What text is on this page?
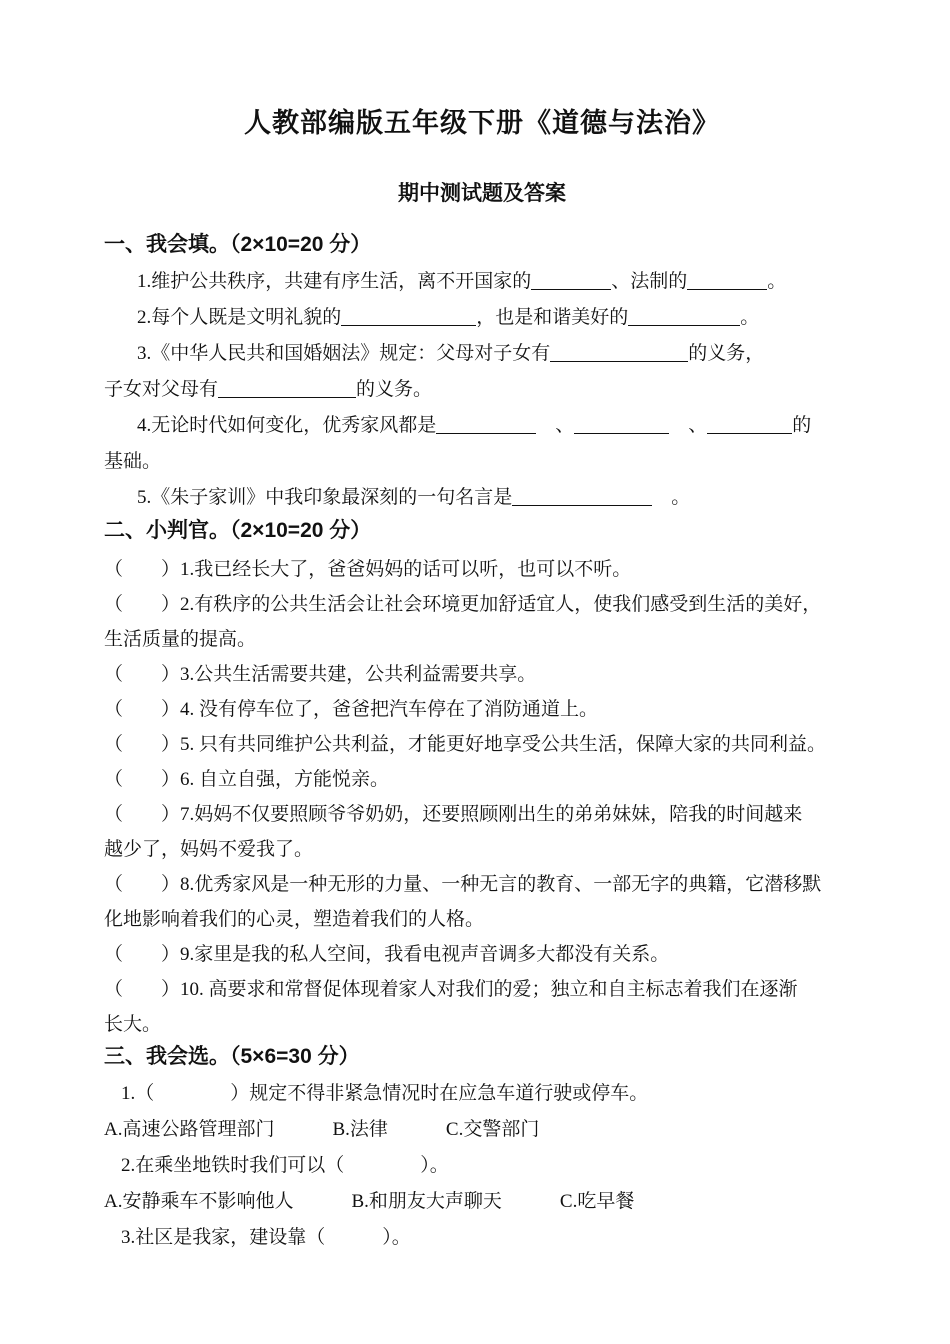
人教部编版五年级下册《道德与法治》
期中测试题及答案
一、我会填。（2×10=20 分）

1.维护公共秩序，共建有序生活，离不开国家的	、法制的	。

2.每个人既是文明礼貌的	，也是和谐美好的	。

3.《中华人民共和国婚姻法》规定：父母对子女有	的义务，

子女对父母有	的义务。

4.无论时代如何变化，优秀家风都是	　、	　、	的

基础。

5.《朱子家训》中我印象最深刻的一句名言是	　。

二、小判官。（2×10=20 分）
（　　）1.我已经长大了，爸爸妈妈的话可以听，也可以不听。
（　　）2.有秩序的公共生活会让社会环境更加舒适宜人，使我们感受到生活的美好，
生活质量的提高。
（　　）3.公共生活需要共建，公共利益需要共享。
（　　）4. 没有停车位了，爸爸把汽车停在了消防通道上。
（　　）5. 只有共同维护公共利益，才能更好地享受公共生活，保障大家的共同利益。
（　　）6. 自立自强，方能悦亲。
（　　）7.妈妈不仅要照顾爷爷奶奶，还要照顾刚出生的弟弟妹妹，陪我的时间越来
越少了，妈妈不爱我了。
（　　）8.优秀家风是一种无形的力量、一种无言的教育、一部无字的典籍，它潜移默
化地影响着我们的心灵，塑造着我们的人格。
（　　）9.家里是我的私人空间，我看电视声音调多大都没有关系。
（　　）10. 高要求和常督促体现着家人对我们的爱；独立和自主标志着我们在逐渐
长大。
三、我会选。（5×6=30 分）

1.（　　　　）规定不得非紧急情况时在应急车道行驶或停车。

A.高速公路管理部门	B.法律	C.交警部门

2.在乘坐地铁时我们可以（　　　　）。

A.安静乘车不影响他人	B.和朋友大声聊天	C.吃早餐

3.社区是我家，建设靠（　　　）。
